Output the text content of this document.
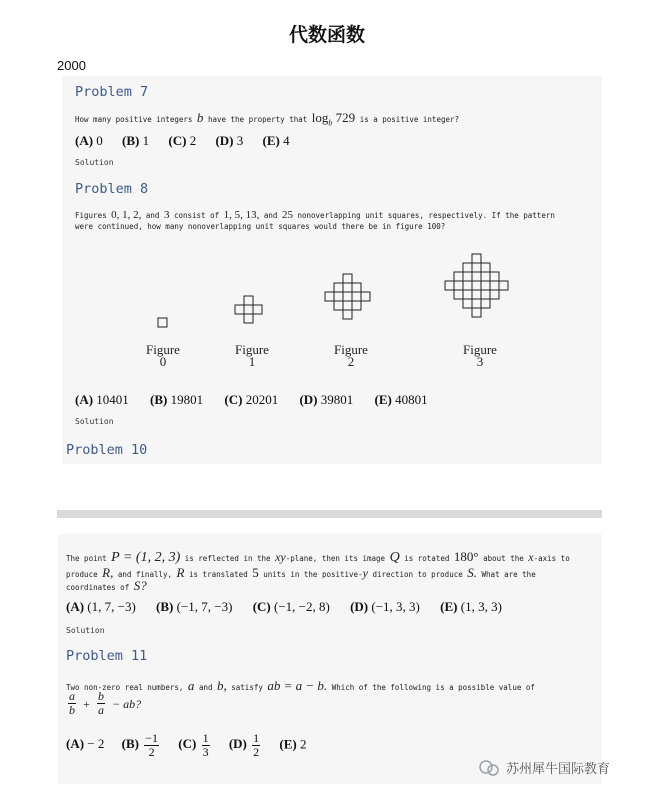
代数函数
2000
Problem 7
How many positive integers b have the property that $\log_b 729$ is a positive integer?
(A) 0 (B) 1 (C) 2 (D) 3 (E) 4
Solution
Problem 8
Figures 0, 1, 2, and 3 consist of 1, 5, 13, and 25 nonoverlapping unit squares, respectively. If the pattern
were continued, how many nonoverlapping unit squares would there be in figure 100?
Figure
0
Figure
1
Figure
2
Figure
3
(A) 10401 (B) 19801 (C) 20201 (D) 39801 (E) 40801
Solution
Problem 10
The point P = (1, 2, 3) is reflected in the xy-plane, then its image Q is rotated 180° about the x-axis to
produce R, and finally, R is translated 5 units in the positive-y direction to produce S. What are the
coordinates of S?
(A) (1, 7, −3) (B) (−1, 7, −3) (C) (−1, −2, 8) (D) (−1, 3, 3) (E) (1, 3, 3)
Solution
Problem 11
Two non-zero real numbers, a and b, satisfy ab = a − b. Which of the following is a possible value of
$\frac{a}{b} + \frac{b}{a}$ − ab?
(A) − 2 $(B) \frac{-1}{2} (C) \frac{1}{3} (D) \frac{1}{2} (E)$ 2
苏州犀牛国际教育
